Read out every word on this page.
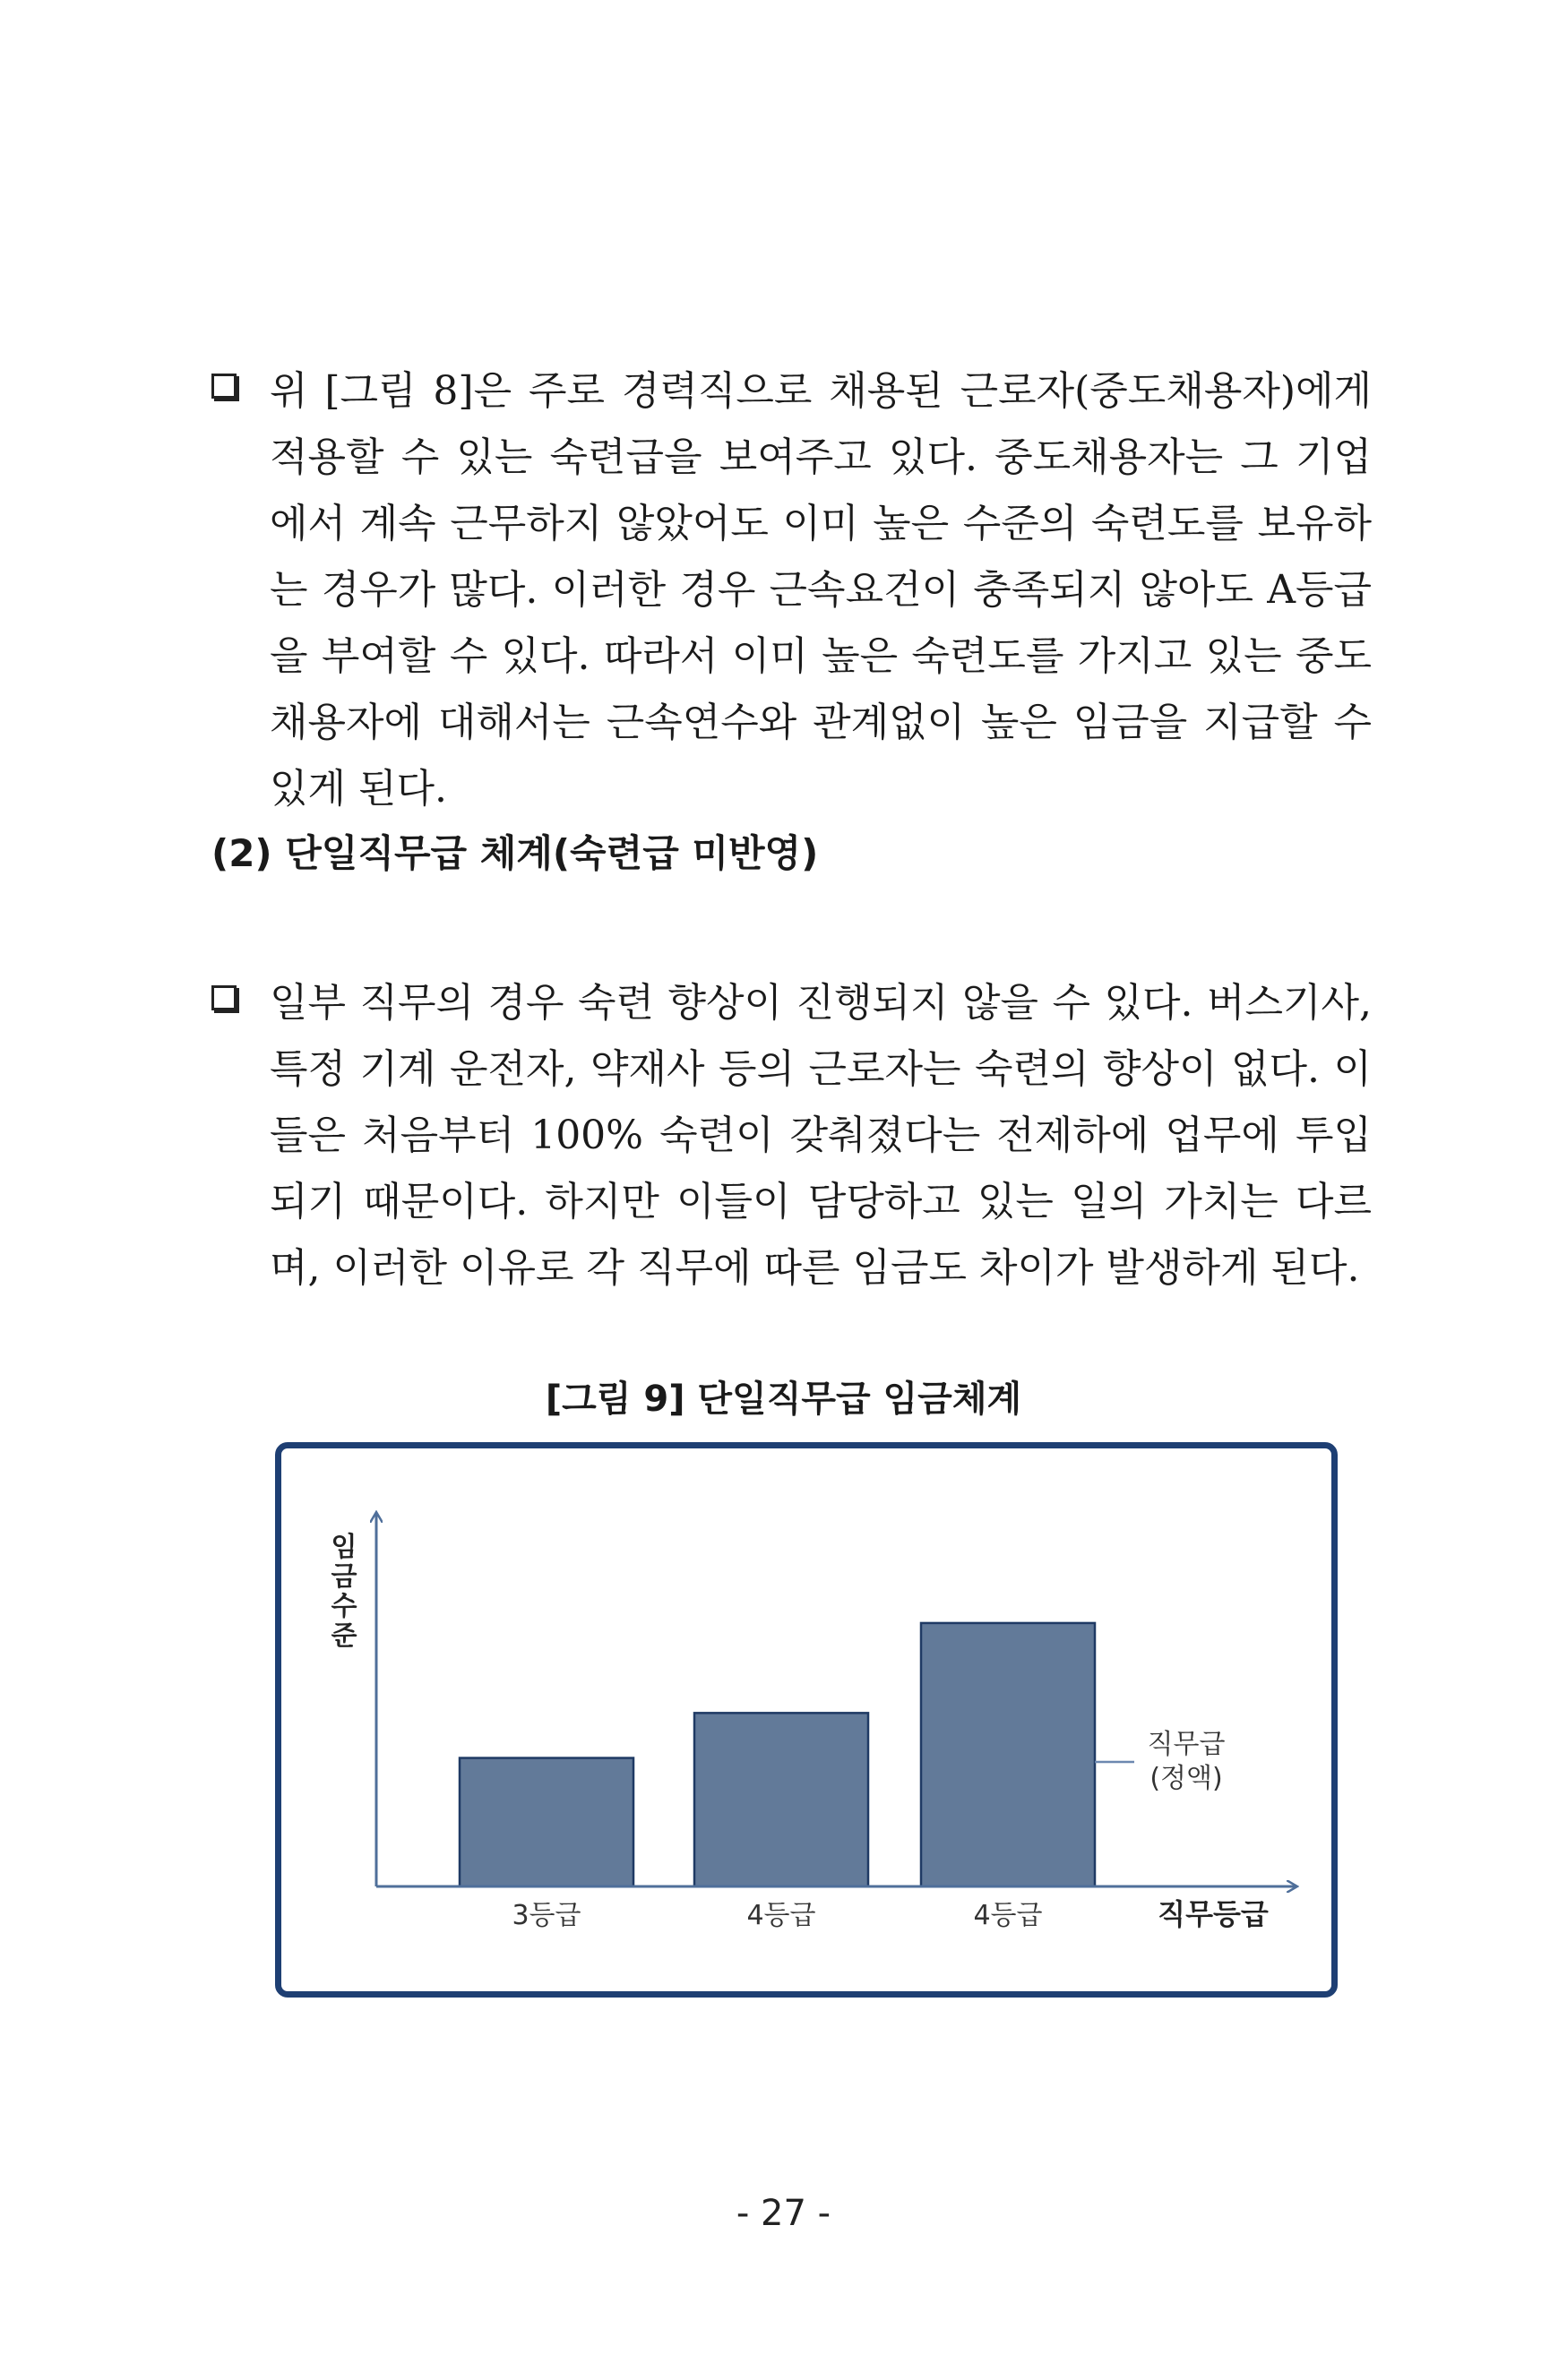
위 [그림 8]은 주로 경력직으로 채용된 근로자(중도채용자)에게 적용할 수 있는 숙련급을 보여주고 있다. 중도채용자는 그 기업에서 계속 근무하지 않았어도 이미 높은 수준의 숙련도를 보유하는 경우가 많다. 이러한 경우 근속요건이 충족되지 않아도 A등급을 부여할 수 있다. 따라서 이미 높은 숙련도를 가지고 있는 중도채용자에 대해서는 근속연수와 관계없이 높은 임금을 지급할 수 있게 된다.
(2) 단일직무급 체계(숙련급 미반영)
일부 직무의 경우 숙련 향상이 진행되지 않을 수 있다. 버스기사, 특정 기계 운전자, 약재사 등의 근로자는 숙련의 향상이 없다. 이들은 처음부터 100% 숙련이 갖춰졌다는 전제하에 업무에 투입되기 때문이다. 하지만 이들이 담당하고 있는 일의 가치는 다르며, 이러한 이유로 각 직무에 따른 임금도 차이가 발생하게 된다.
[그림 9] 단일직무급 임금체계
3등급	4등급	4등급	직무등급
임 금 수 준
직무급
(정액)
- 27 -
